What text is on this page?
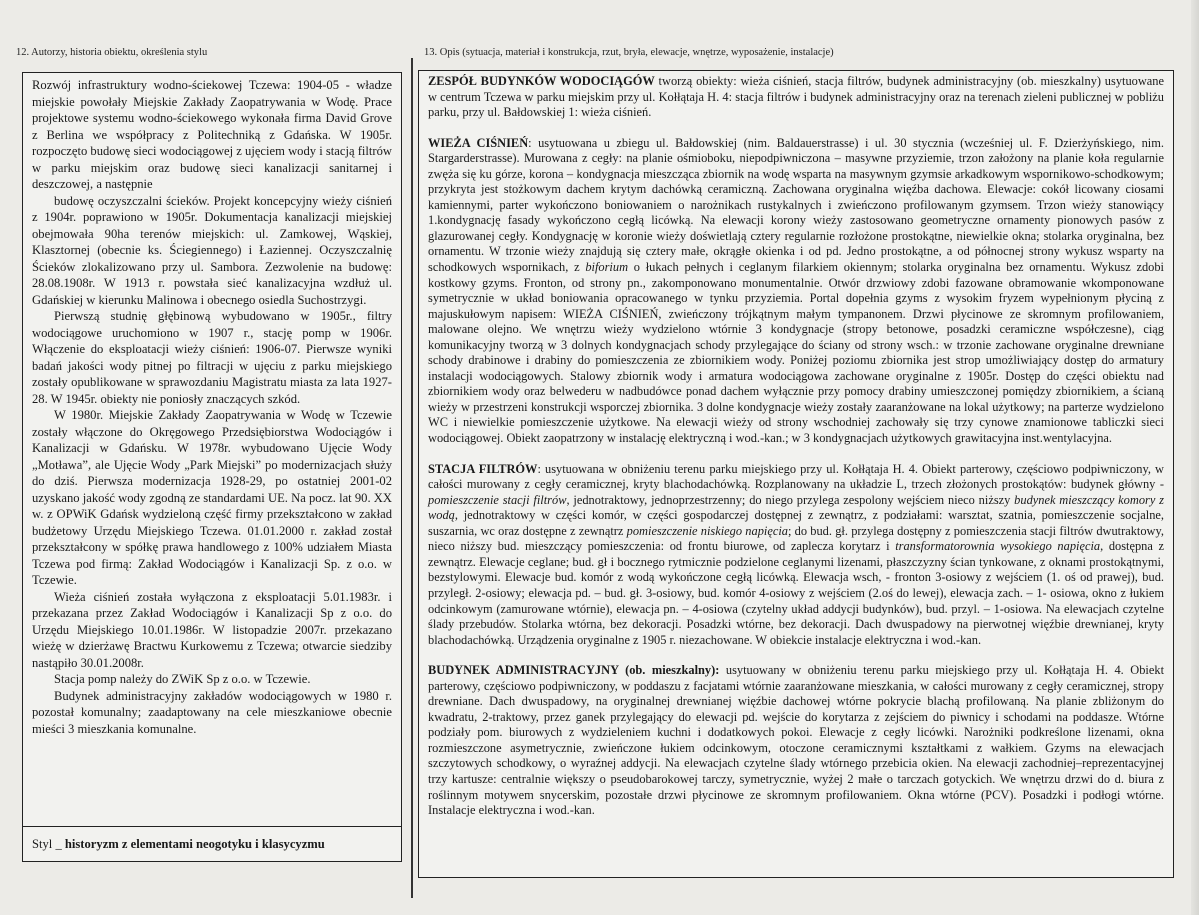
12. Autorzy, historia obiektu, określenia stylu	13. Opis (sytuacja, materiał i konstrukcja, rzut, bryła, elewacje, wnętrze, wyposażenie, instalacje)

Rozwój infrastruktury wodno-ściekowej Tczewa: 1904-05 - władze miejskie powołały Miejskie Zakłady Zaopatrywania w Wodę. Prace projektowe systemu wodno-ściekowego wykonała firma David Grove z Berlina we współpracy z Politechniką z Gdańska. W 1905r. rozpoczęto budowę sieci wodociągowej z ujęciem wody i stacją filtrów w parku miejskim oraz budowę sieci kanalizacji sanitarnej i deszczowej, a następnie

budowę oczyszczalni ścieków. Projekt koncepcyjny wieży ciśnień z 1904r. poprawiono w 1905r. Dokumentacja kanalizacji miejskiej obejmowała 90ha terenów miejskich: ul. Zamkowej, Wąskiej, Klasztornej (obecnie ks. Ściegiennego) i Łaziennej. Oczyszczalnię Ścieków zlokalizowano przy ul. Sambora. Zezwolenie na budowę: 28.08.1908r. W 1913 r. powstała sieć kanalizacyjna wzdłuż ul. Gdańskiej w kierunku Malinowa i obecnego osiedla Suchostrzygi.

Pierwszą studnię głębinową wybudowano w 1905r., filtry wodociągowe uruchomiono w 1907 r., stację pomp w 1906r. Włączenie do eksploatacji wieży ciśnień: 1906-07. Pierwsze wyniki badań jakości wody pitnej po filtracji w ujęciu z parku miejskiego zostały opublikowane w sprawozdaniu Magistratu miasta za lata 1927-28. W 1945r. obiekty nie poniosły znaczących szkód.

W 1980r. Miejskie Zakłady Zaopatrywania w Wodę w Tczewie zostały włączone do Okręgowego Przedsiębiorstwa Wodociągów i Kanalizacji w Gdańsku. W 1978r. wybudowano Ujęcie Wody „Motława”, ale Ujęcie Wody „Park Miejski” po modernizacjach służy do dziś. Pierwsza modernizacja 1928-29, po ostatniej 2001-02 uzyskano jakość wody zgodną ze standardami UE. Na pocz. lat 90. XX w. z OPWiK Gdańsk wydzieloną część firmy przekształcono w zakład budżetowy Urzędu Miejskiego Tczewa. 01.01.2000 r. zakład został przekształcony w spółkę prawa handlowego z 100% udziałem Miasta Tczewa pod firmą: Zakład Wodociągów i Kanalizacji Sp. z o.o. w Tczewie.

Wieża ciśnień została wyłączona z eksploatacji 5.01.1983r. i przekazana przez Zakład Wodociągów i Kanalizacji Sp z o.o. do Urzędu Miejskiego 10.01.1986r. W listopadzie 2007r. przekazano wieżę w dzierżawę Bractwu Kurkowemu z Tczewa; otwarcie siedziby nastąpiło 30.01.2008r.

Stacja pomp należy do ZWiK Sp z o.o. w Tczewie.

Budynek administracyjny zakładów wodociągowych w 1980 r. pozostał komunalny; zaadaptowany na cele mieszkaniowe obecnie mieści 3 mieszkania komunalne.

Styl _ historyzm z elementami neogotyku i klasycyzmu

ZESPÓŁ BUDYNKÓW WODOCIĄGÓW tworzą obiekty: wieża ciśnień, stacja filtrów, budynek administracyjny (ob. mieszkalny) usytuowane w centrum Tczewa w parku miejskim przy ul. Kołłątaja H. 4: stacja filtrów i budynek administracyjny oraz na terenach zieleni publicznej w pobliżu parku, przy ul. Bałdowskiej 1: wieża ciśnień.

WIEŻA CIŚNIEŃ: usytuowana u zbiegu ul. Bałdowskiej (nim. Baldauerstrasse) i ul. 30 stycznia (wcześniej ul. F. Dzierżyńskiego, nim. Stargarderstrasse). Murowana z cegły: na planie ośmioboku, niepodpiwniczona – masywne przyziemie, trzon założony na planie koła regularnie zwęża się ku górze, korona – kondygnacja mieszcząca zbiornik na wodę wsparta na masywnym gzymsie arkadkowym wspornikowo-schodkowym; przykryta jest stożkowym dachem krytym dachówką ceramiczną. Zachowana oryginalna więźba dachowa. Elewacje: cokół licowany ciosami kamiennymi, parter wykończono boniowaniem o narożnikach rustykalnych i zwieńczono profilowanym gzymsem. Trzon wieży stanowiący 1.kondygnację fasady wykończono cegłą licówką. Na elewacji korony wieży zastosowano geometryczne ornamenty pionowych pasów z glazurowanej cegły. Kondygnację w koronie wieży doświetlają cztery regularnie rozłożone prostokątne, niewielkie okna; stolarka oryginalna, bez ornamentu. W trzonie wieży znajdują się cztery małe, okrągłe okienka i od pd. Jedno prostokątne, a od północnej strony wykusz wsparty na schodkowych wspornikach, z biforium o łukach pełnych i ceglanym filarkiem okiennym; stolarka oryginalna bez ornamentu. Wykusz zdobi kostkowy gzyms. Fronton, od strony pn., zakomponowano monumentalnie. Otwór drzwiowy zdobi fazowane obramowanie wkomponowane symetrycznie w układ boniowania opracowanego w tynku przyziemia. Portal dopełnia gzyms z wysokim fryzem wypełnionym płyciną z majuskułowym napisem: WIEŻA CIŚNIEŃ, zwieńczony trójkątnym małym tympanonem. Drzwi płycinowe ze skromnym profilowaniem, malowane olejno. We wnętrzu wieży wydzielono wtórnie 3 kondygnacje (stropy betonowe, posadzki ceramiczne współczesne), ciąg komunikacyjny tworzą w 3 dolnych kondygnacjach schody przylegające do ściany od strony wsch.: w trzonie zachowane oryginalne drewniane schody drabinowe i drabiny do pomieszczenia ze zbiornikiem wody. Poniżej poziomu zbiornika jest strop umożliwiający dostęp do armatury instalacji wodociągowych. Stalowy zbiornik wody i armatura wodociągowa zachowane oryginalne z 1905r. Dostęp do części obiektu nad zbiornikiem wody oraz belwederu w nadbudówce ponad dachem wyłącznie przy pomocy drabiny umieszczonej pomiędzy zbiornikiem, a ścianą wieży w przestrzeni konstrukcji wsporczej zbiornika. 3 dolne kondygnacje wieży zostały zaaranżowane na lokal użytkowy; na parterze wydzielono WC i niewielkie pomieszczenie użytkowe. Na elewacji wieży od strony wschodniej zachowały się trzy cynowe znamionowe tabliczki sieci wodociągowej. Obiekt zaopatrzony w instalację elektryczną i wod.-kan.; w 3 kondygnacjach użytkowych grawitacyjna inst.wentylacyjna.

STACJA FILTRÓW: usytuowana w obniżeniu terenu parku miejskiego przy ul. Kołłątaja H. 4. Obiekt parterowy, częściowo podpiwniczony, w całości murowany z cegły ceramicznej, kryty blachodachówką. Rozplanowany na układzie L, trzech złożonych prostokątów: budynek główny - pomieszczenie stacji filtrów, jednotraktowy, jednoprzestrzenny; do niego przylega zespolony wejściem nieco niższy budynek mieszczący komory z wodą, jednotraktowy w części komór, w części gospodarczej dostępnej z zewnątrz, z podziałami: warsztat, szatnia, pomieszczenie socjalne, suszarnia, wc oraz dostępne z zewnątrz pomieszczenie niskiego napięcia; do bud. gł. przylega dostępny z pomieszczenia stacji filtrów dwutraktowy, nieco niższy bud. mieszczący pomieszczenia: od frontu biurowe, od zaplecza korytarz i transformatorownia wysokiego napięcia, dostępna z zewnątrz. Elewacje ceglane; bud. gł i bocznego rytmicznie podzielone ceglanymi lizenami, płaszczyzny ścian tynkowane, z oknami prostokątnymi, bezstylowymi. Elewacje bud. komór z wodą wykończone cegłą licówką. Elewacja wsch, - fronton 3-osiowy z wejściem (1. oś od prawej), bud. przyległ. 2-osiowy; elewacja pd. – bud. gł. 3-osiowy, bud. komór 4-osiowy z wejściem (2.oś do lewej), elewacja zach. – 1- osiowa, okno z łukiem odcinkowym (zamurowane wtórnie), elewacja pn. – 4-osiowa (czytelny układ addycji budynków), bud. przyl. – 1-osiowa. Na elewacjach czytelne ślady przebudów. Stolarka wtórna, bez dekoracji. Posadzki wtórne, bez dekoracji. Dach dwuspadowy na pierwotnej więźbie drewnianej, kryty blachodachówką. Urządzenia oryginalne z 1905 r. niezachowane. W obiekcie instalacje elektryczna i wod.-kan.

BUDYNEK ADMINISTRACYJNY (ob. mieszkalny): usytuowany w obniżeniu terenu parku miejskiego przy ul. Kołłątaja H. 4. Obiekt parterowy, częściowo podpiwniczony, w poddaszu z facjatami wtórnie zaaranżowane mieszkania, w całości murowany z cegły ceramicznej, stropy drewniane. Dach dwuspadowy, na oryginalnej drewnianej więźbie dachowej wtórne pokrycie blachą profilowaną. Na planie zbliżonym do kwadratu, 2-traktowy, przez ganek przylegający do elewacji pd. wejście do korytarza z zejściem do piwnicy i schodami na poddasze. Wtórne podziały pom. biurowych z wydzieleniem kuchni i dodatkowych pokoi. Elewacje z cegły licówki. Narożniki podkreślone lizenami, okna rozmieszczone asymetrycznie, zwieńczone łukiem odcinkowym, otoczone ceramicznymi kształtkami z wałkiem. Gzyms na elewacjach szczytowych schodkowy, o wyraźnej addycji. Na elewacjach czytelne ślady wtórnego przebicia okien. Na elewacji zachodniej–reprezentacyjnej trzy kartusze: centralnie większy o pseudobarokowej tarczy, symetrycznie, wyżej 2 małe o tarczach gotyckich. We wnętrzu drzwi do d. biura z roślinnym motywem snycerskim, pozostałe drzwi płycinowe ze skromnym profilowaniem. Okna wtórne (PCV). Posadzki i podłogi wtórne. Instalacje elektryczna i wod.-kan.
